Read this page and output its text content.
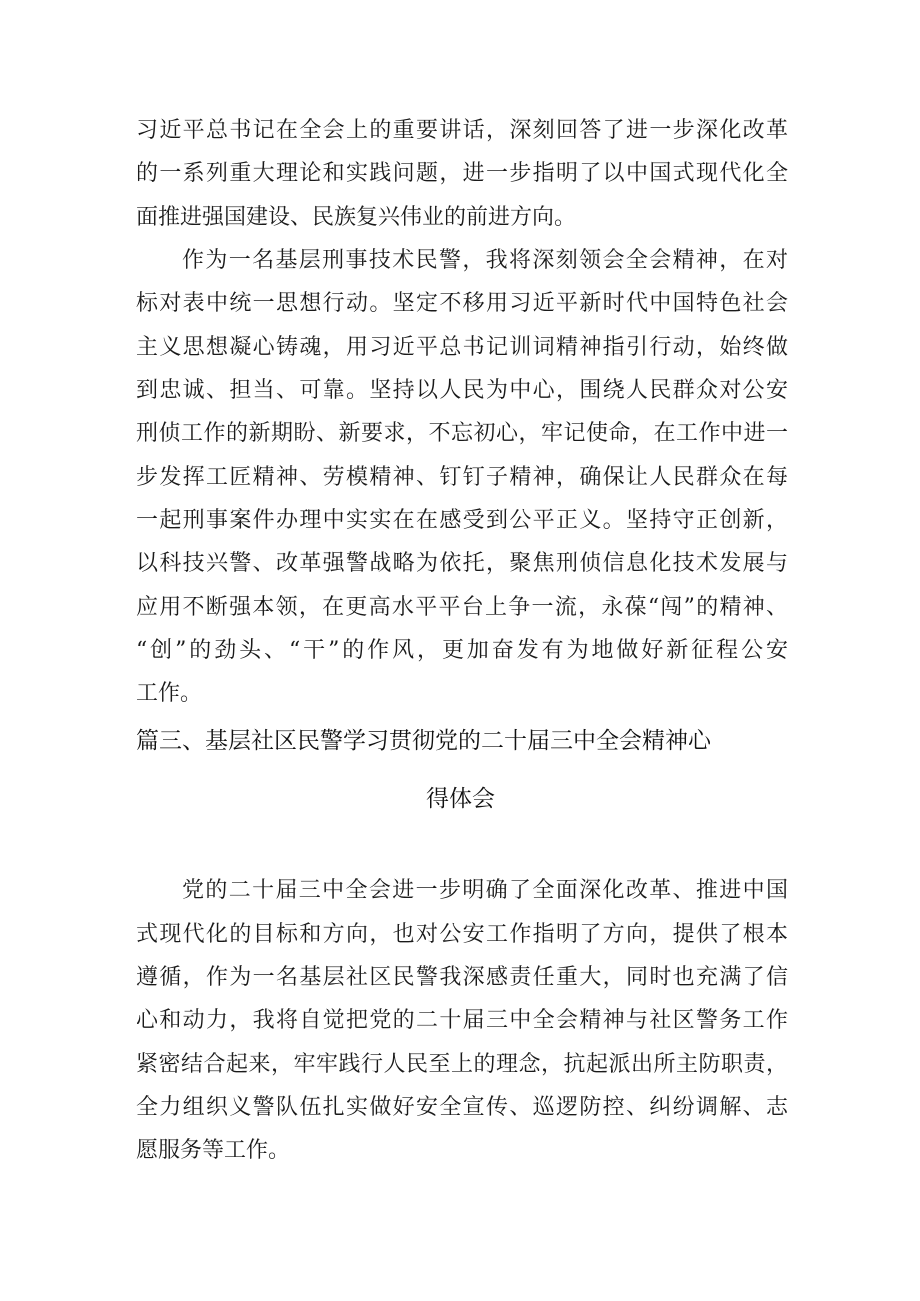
习近平总书记在全会上的重要讲话，深刻回答了进一步深化改革
的一系列重大理论和实践问题，进一步指明了以中国式现代化全
面推进强国建设、民族复兴伟业的前进方向。
作为一名基层刑事技术民警，我将深刻领会全会精神，在对
标对表中统一思想行动。坚定不移用习近平新时代中国特色社会
主义思想凝心铸魂，用习近平总书记训词精神指引行动，始终做
到忠诚、担当、可靠。坚持以人民为中心，围绕人民群众对公安
刑侦工作的新期盼、新要求，不忘初心，牢记使命，在工作中进一
步发挥工匠精神、劳模精神、钉钉子精神，确保让人民群众在每
一起刑事案件办理中实实在在感受到公平正义。坚持守正创新，
以科技兴警、改革强警战略为依托，聚焦刑侦信息化技术发展与
应用不断强本领，在更高水平平台上争一流，永葆“闯”的精神、
“创”的劲头、“干”的作风，更加奋发有为地做好新征程公安
工作。
篇三、基层社区民警学习贯彻党的二十届三中全会精神心
得体会
党的二十届三中全会进一步明确了全面深化改革、推进中国
式现代化的目标和方向，也对公安工作指明了方向，提供了根本
遵循，作为一名基层社区民警我深感责任重大，同时也充满了信
心和动力，我将自觉把党的二十届三中全会精神与社区警务工作
紧密结合起来，牢牢践行人民至上的理念，抗起派出所主防职责，
全力组织义警队伍扎实做好安全宣传、巡逻防控、纠纷调解、志
愿服务等工作。
